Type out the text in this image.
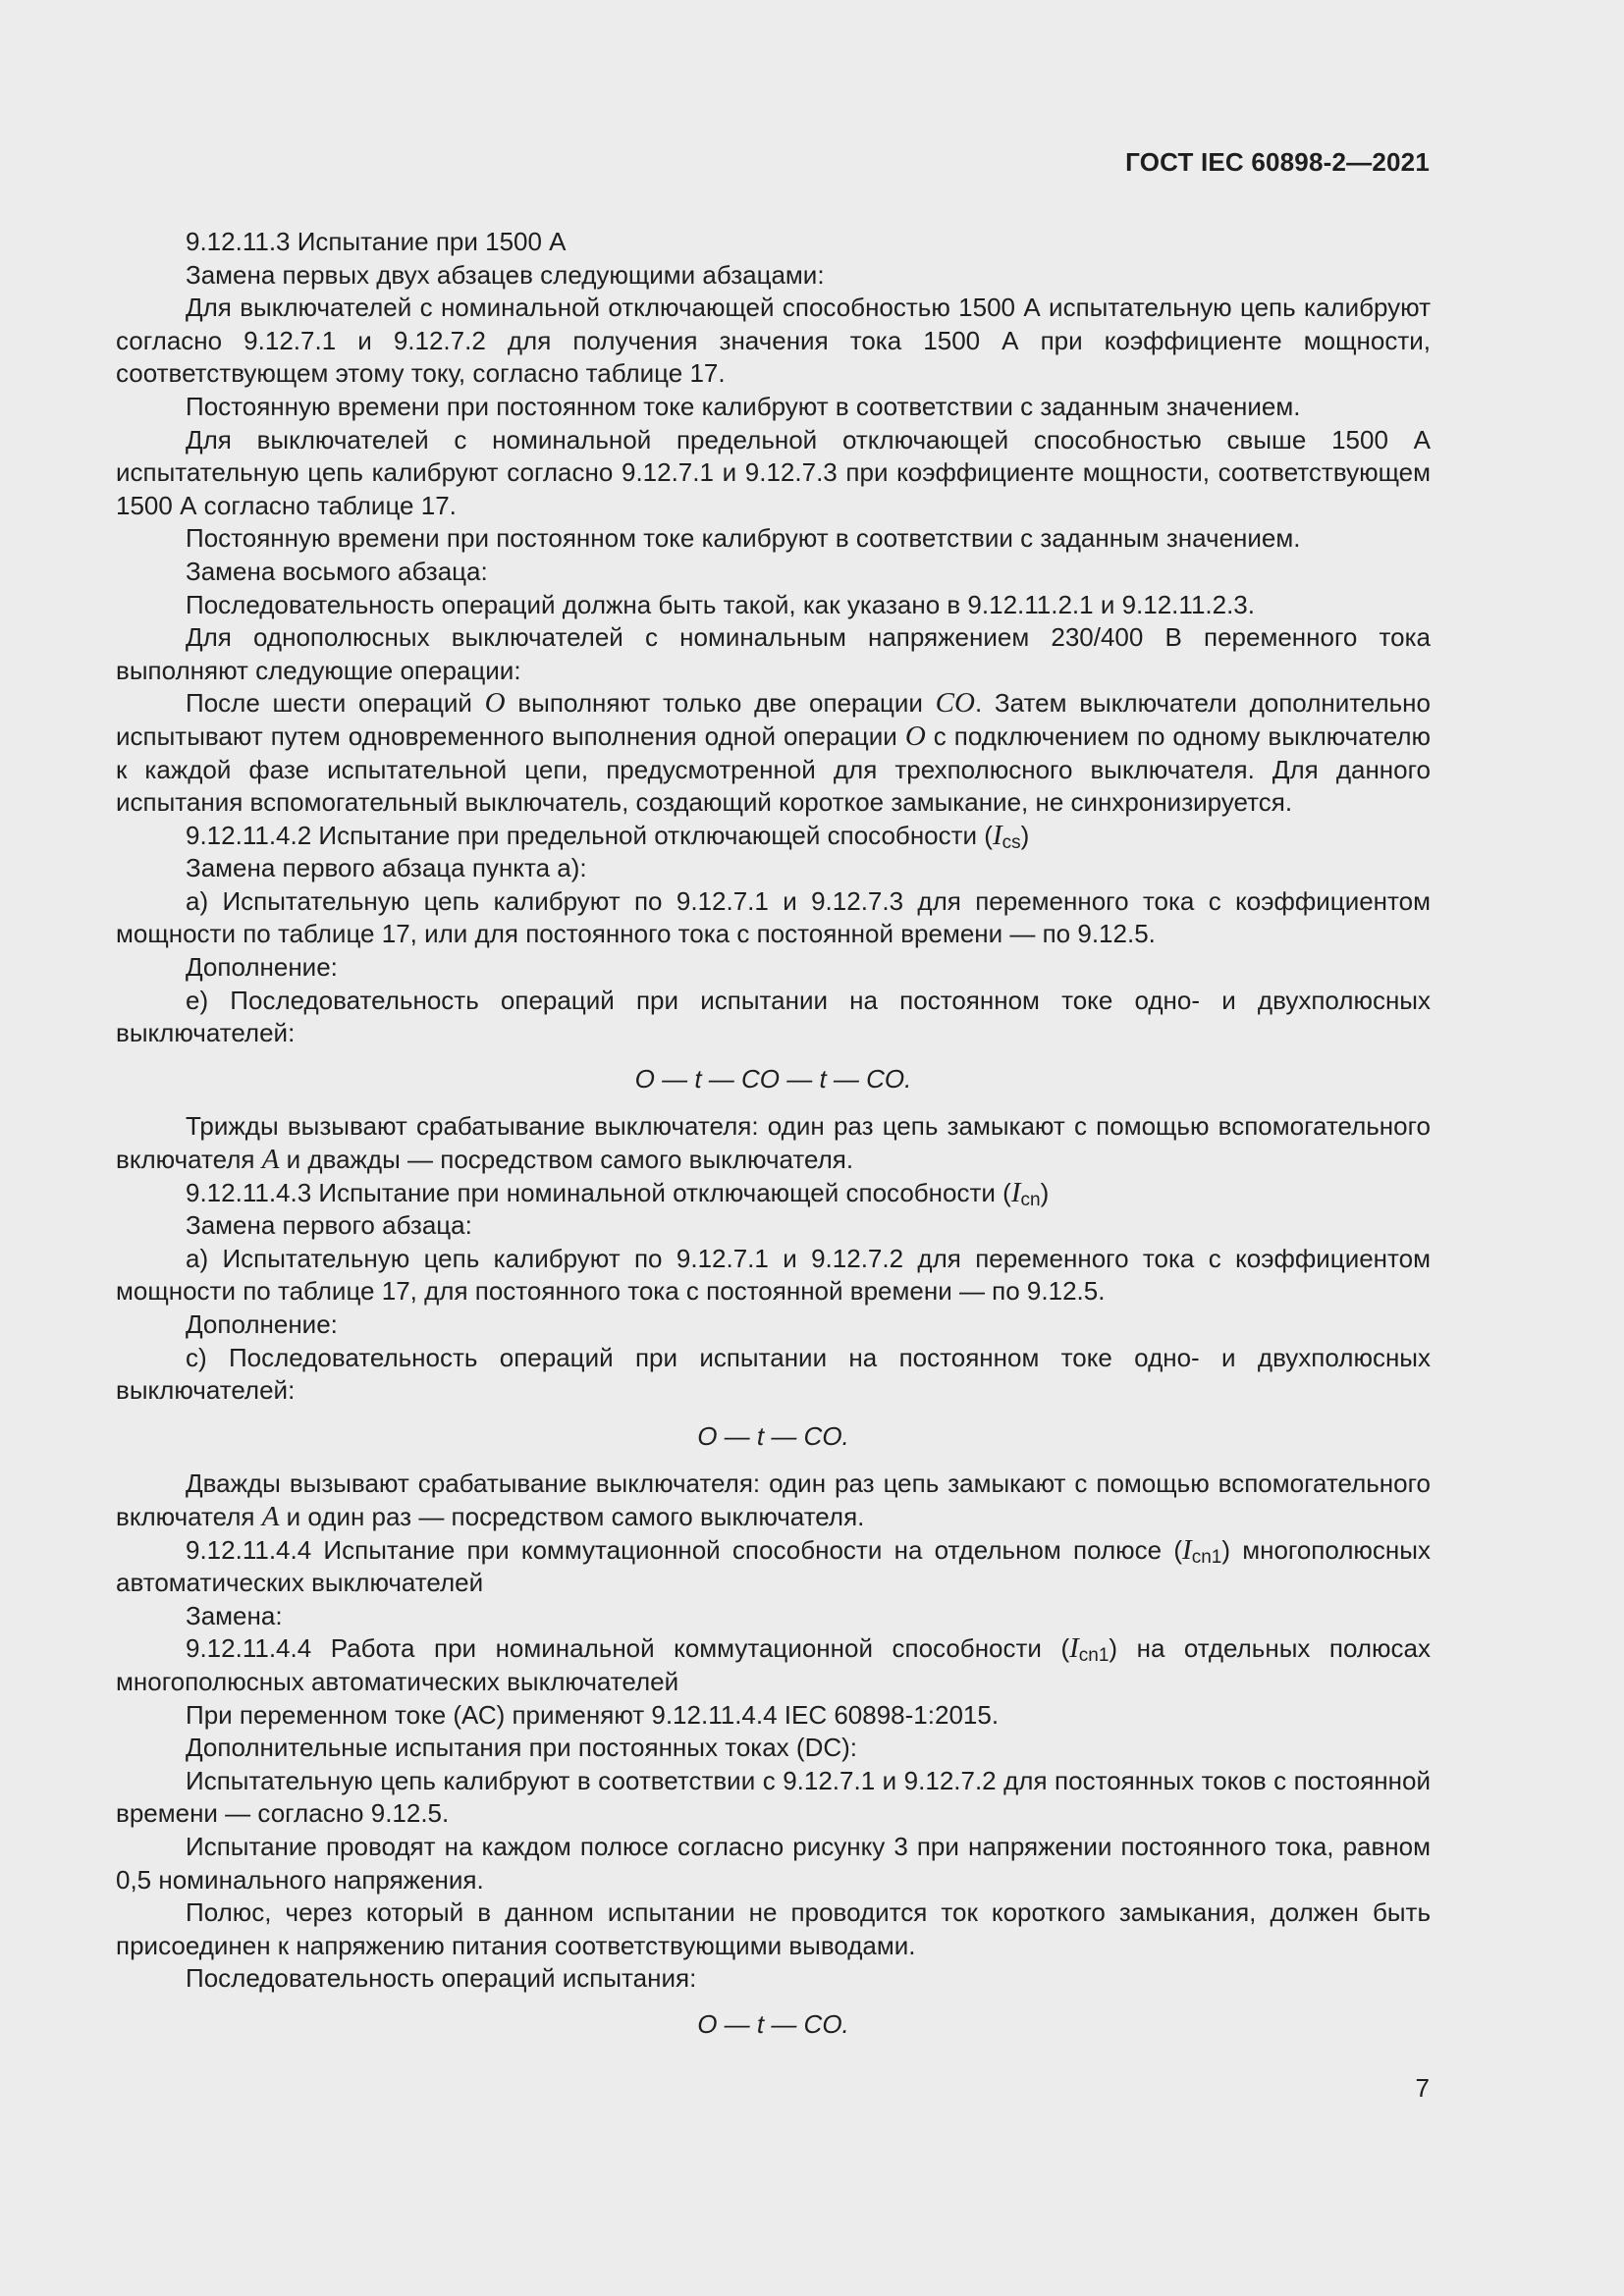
ГОСТ IEC 60898-2—2021

9.12.11.3 Испытание при 1500 А

Замена первых двух абзацев следующими абзацами:

Для выключателей с номинальной отключающей способностью 1500 А испытательную цепь калибруют согласно 9.12.7.1 и 9.12.7.2 для получения значения тока 1500 А при коэффициенте мощности, соответствующем этому току, согласно таблице 17.

Постоянную времени при постоянном токе калибруют в соответствии с заданным значением.

Для выключателей с номинальной предельной отключающей способностью свыше 1500 А испытательную цепь калибруют согласно 9.12.7.1 и 9.12.7.3 при коэффициенте мощности, соответствующем 1500 А согласно таблице 17.

Постоянную времени при постоянном токе калибруют в соответствии с заданным значением.

Замена восьмого абзаца:

Последовательность операций должна быть такой, как указано в 9.12.11.2.1 и 9.12.11.2.3.

Для однополюсных выключателей с номинальным напряжением 230/400 В переменного тока выполняют следующие операции:

После шести операций О выполняют только две операции СО. Затем выключатели дополнительно испытывают путем одновременного выполнения одной операции О с подключением по одному выключателю к каждой фазе испытательной цепи, предусмотренной для трехполюсного выключателя. Для данного испытания вспомогательный выключатель, создающий короткое замыкание, не синхронизируется.

9.12.11.4.2 Испытание при предельной отключающей способности $(I_{cs})$

Замена первого абзаца пункта а):

a) Испытательную цепь калибруют по 9.12.7.1 и 9.12.7.3 для переменного тока с коэффициентом мощности по таблице 17, или для постоянного тока с постоянной времени — по 9.12.5.

Дополнение:

е) Последовательность операций при испытании на постоянном токе одно- и двухполюсных выключателей:

O — t — CO — t — CO.

Трижды вызывают срабатывание выключателя: один раз цепь замыкают с помощью вспомогательного включателя A и дважды — посредством самого выключателя.

9.12.11.4.3 Испытание при номинальной отключающей способности $(I_{cn})$

Замена первого абзаца:

а) Испытательную цепь калибруют по 9.12.7.1 и 9.12.7.2 для переменного тока с коэффициентом мощности по таблице 17, для постоянного тока с постоянной времени — по 9.12.5.

Дополнение:

с) Последовательность операций при испытании на постоянном токе одно- и двухполюсных выключателей:

O — t — CO.

Дважды вызывают срабатывание выключателя: один раз цепь замыкают с помощью вспомогательного включателя A и один раз — посредством самого выключателя.

9.12.11.4.4 Испытание при коммутационной способности на отдельном полюсе $(I_{cn1})$ многополюсных автоматических выключателей

Замена:

9.12.11.4.4 Работа при номинальной коммутационной способности $(I_{cn1})$ на отдельных полюсах многополюсных автоматических выключателей

При переменном токе (АС) применяют 9.12.11.4.4 IEC 60898-1:2015.

Дополнительные испытания при постоянных токах (DC):

Испытательную цепь калибруют в соответствии с 9.12.7.1 и 9.12.7.2 для постоянных токов с постоянной времени — согласно 9.12.5.

Испытание проводят на каждом полюсе согласно рисунку 3 при напряжении постоянного тока, равном 0,5 номинального напряжения.

Полюс, через который в данном испытании не проводится ток короткого замыкания, должен быть присоединен к напряжению питания соответствующими выводами.

Последовательность операций испытания:

O — t — CO.

7
